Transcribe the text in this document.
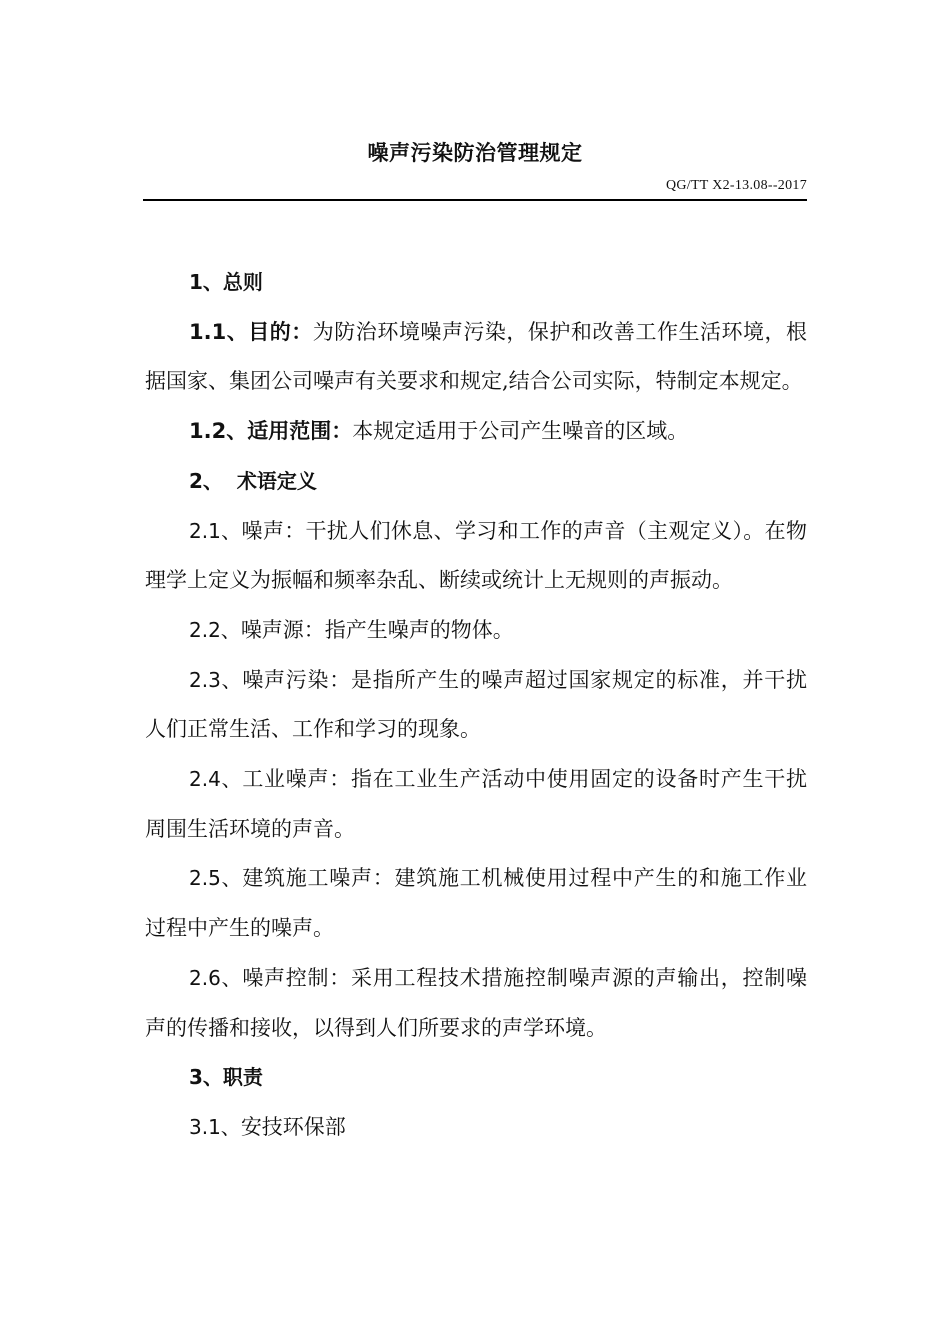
噪声污染防治管理规定
QG/TT X2-13.08--2017

1、总则

1.1、目的：为防治环境噪声污染，保护和改善工作生活环境，根据国家、集团公司噪声有关要求和规定,结合公司实际，特制定本规定。

1.2、适用范围：本规定适用于公司产生噪音的区域。

2、  术语定义

2.1、噪声：干扰人们休息、学习和工作的声音（主观定义）。在物理学上定义为振幅和频率杂乱、断续或统计上无规则的声振动。

2.2、噪声源：指产生噪声的物体。

2.3、噪声污染：是指所产生的噪声超过国家规定的标准，并干扰人们正常生活、工作和学习的现象。

2.4、工业噪声：指在工业生产活动中使用固定的设备时产生干扰周围生活环境的声音。

2.5、建筑施工噪声：建筑施工机械使用过程中产生的和施工作业过程中产生的噪声。

2.6、噪声控制：采用工程技术措施控制噪声源的声输出，控制噪声的传播和接收，以得到人们所要求的声学环境。

3、职责

3.1、安技环保部
